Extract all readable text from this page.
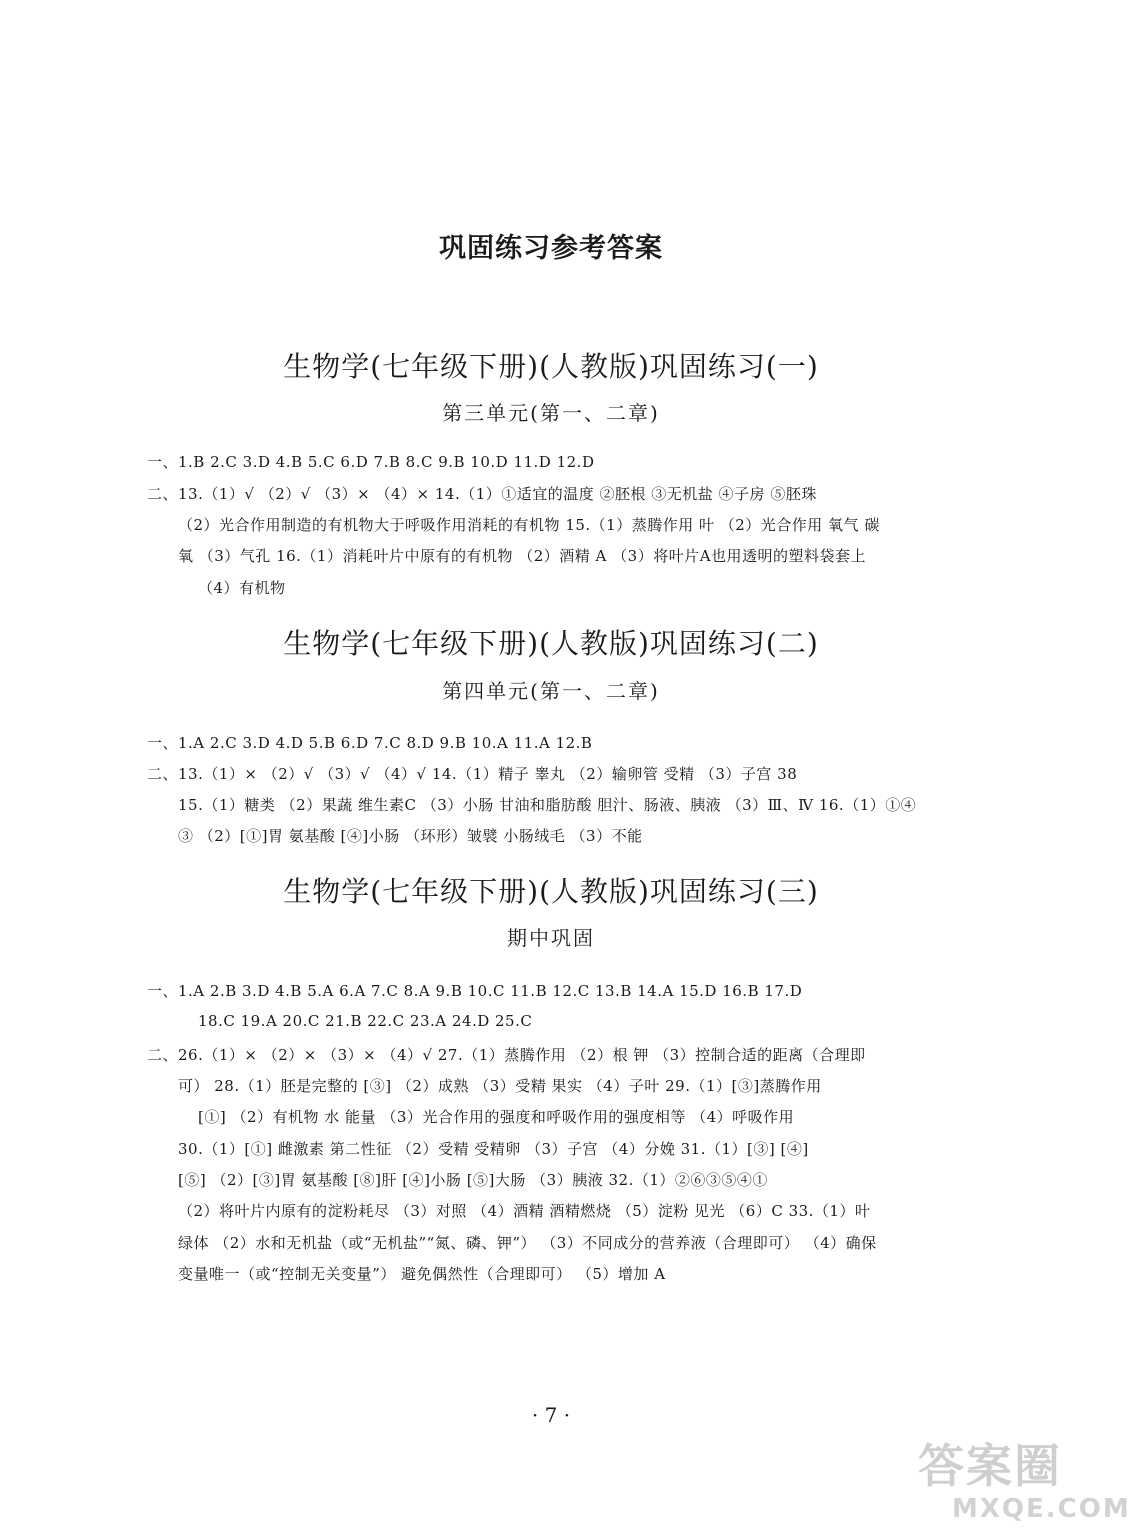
巩固练习参考答案
生物学(七年级下册)(人教版)巩固练习(一)
第三单元(第一、二章)
一、1.B 2.C 3.D 4.B 5.C 6.D 7.B 8.C 9.B 10.D 11.D 12.D
二、13.（1）√ （2）√ （3）× （4）× 14.（1）①适宜的温度 ②胚根 ③无机盐 ④子房 ⑤胚珠
（2）光合作用制造的有机物大于呼吸作用消耗的有机物 15.（1）蒸腾作用 叶 （2）光合作用 氧气 碳
氧 （3）气孔 16.（1）消耗叶片中原有的有机物 （2）酒精 A （3）将叶片A也用透明的塑料袋套上
（4）有机物
生物学(七年级下册)(人教版)巩固练习(二)
第四单元(第一、二章)
一、1.A 2.C 3.D 4.D 5.B 6.D 7.C 8.D 9.B 10.A 11.A 12.B
二、13.（1）× （2）√ （3）√ （4）√ 14.（1）精子 睾丸 （2）输卵管 受精 （3）子宫 38
15.（1）糖类 （2）果蔬 维生素C （3）小肠 甘油和脂肪酸 胆汁、肠液、胰液 （3）Ⅲ、Ⅳ 16.（1）①④
③ （2）[①]胃 氨基酸 [④]小肠 （环形）皱襞 小肠绒毛 （3）不能
生物学(七年级下册)(人教版)巩固练习(三)
期中巩固
一、1.A 2.B 3.D 4.B 5.A 6.A 7.C 8.A 9.B 10.C 11.B 12.C 13.B 14.A 15.D 16.B 17.D
18.C 19.A 20.C 21.B 22.C 23.A 24.D 25.C
二、26.（1）× （2）× （3）× （4）√ 27.（1）蒸腾作用 （2）根 钾 （3）控制合适的距离（合理即
可） 28.（1）胚是完整的 [③] （2）成熟 （3）受精 果实 （4）子叶 29.（1）[③]蒸腾作用
[①] （2）有机物 水 能量 （3）光合作用的强度和呼吸作用的强度相等 （4）呼吸作用
30.（1）[①] 雌激素 第二性征 （2）受精 受精卵 （3）子宫 （4）分娩 31.（1）[③] [④]
[⑤] （2）[③]胃 氨基酸 [⑧]肝 [④]小肠 [⑤]大肠 （3）胰液 32.（1）②⑥③⑤④①
（2）将叶片内原有的淀粉耗尽 （3）对照 （4）酒精 酒精燃烧 （5）淀粉 见光 （6）C 33.（1）叶
绿体 （2）水和无机盐（或“无机盐”“氮、磷、钾”） （3）不同成分的营养液（合理即可） （4）确保
变量唯一（或“控制无关变量”） 避免偶然性（合理即可） （5）增加 A
· 7 ·
答案圈
MXQE.COM
